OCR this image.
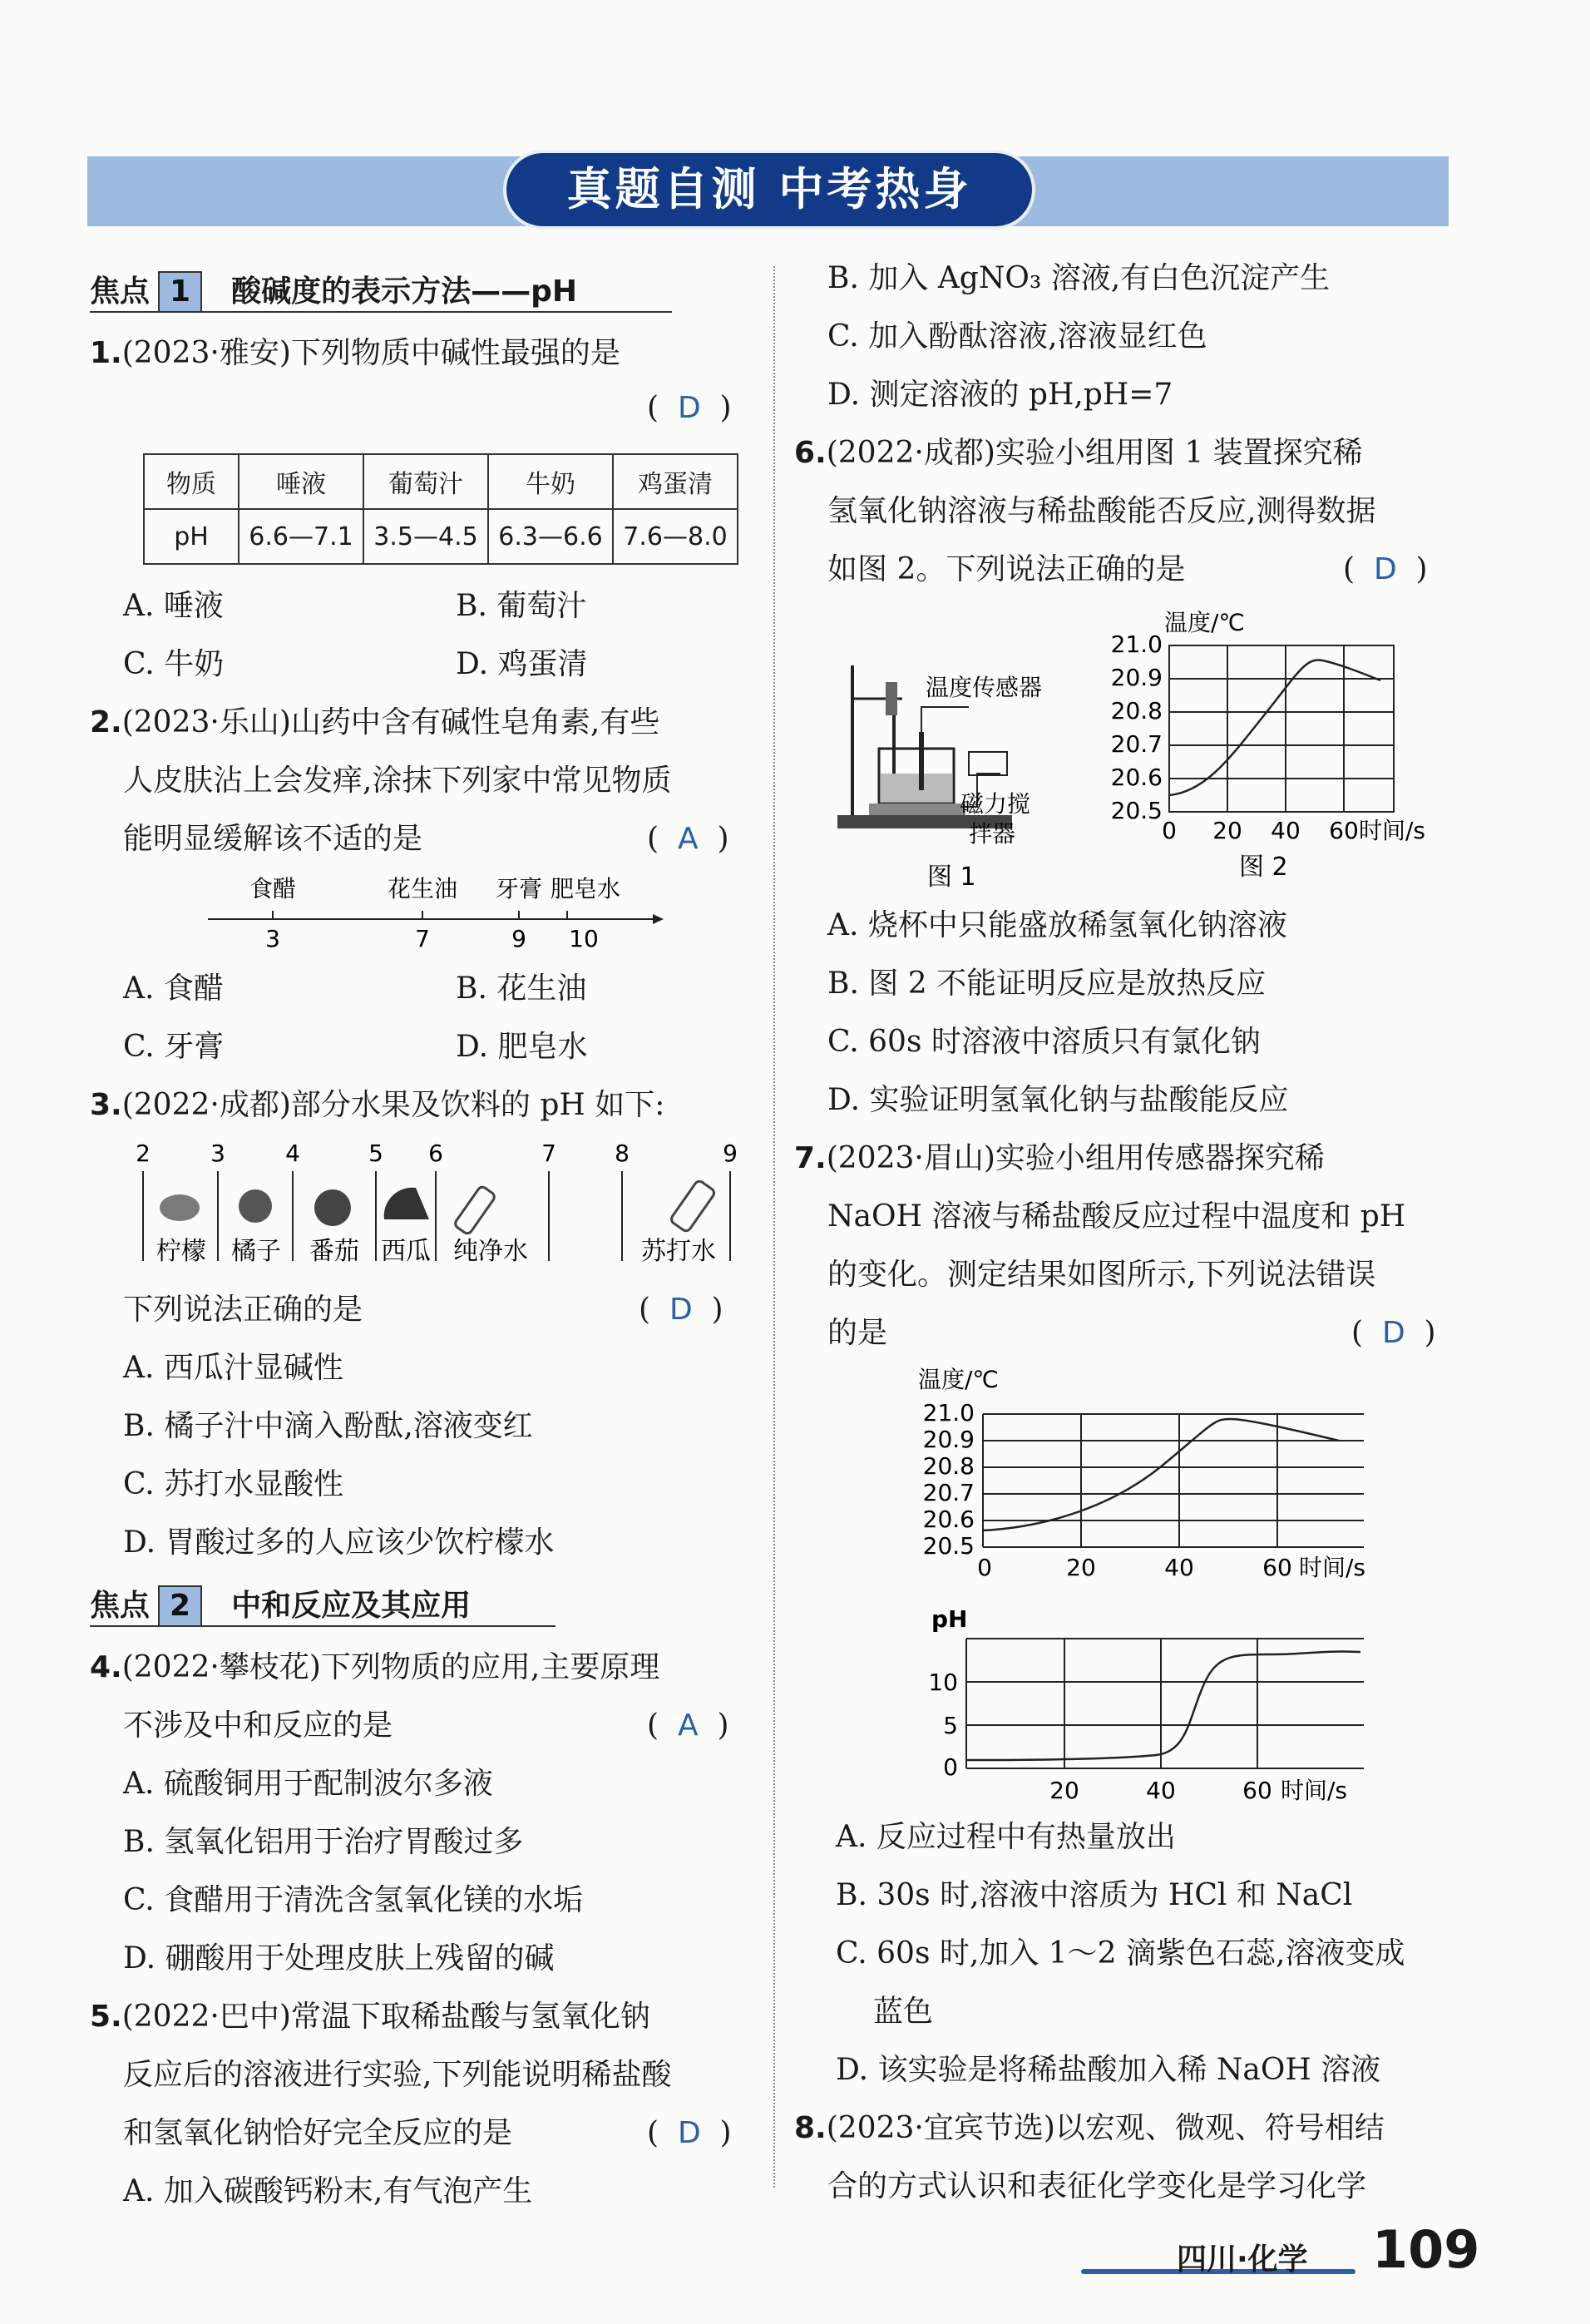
真题自测 中考热身
焦点 1 酸碱度的表示方法——pH
1.(2023·雅安)下列物质中碱性最强的是
(  D  )
物质	唾液	葡萄汁	牛奶	鸡蛋清
pH	6.6—7.1	3.5—4.5	6.3—6.6	7.6—8.0
A. 唾液	B. 葡萄汁
C. 牛奶	D. 鸡蛋清
2.(2023·乐山)山药中含有碱性皂角素,有些
人皮肤沾上会发痒,涂抹下列家中常见物质
能明显缓解该不适的是	(  A  )
食醋	花生油 牙膏 肥皂水
3	7	9 10
A. 食醋	B. 花生油
C. 牙膏	D. 肥皂水
3.(2022·成都)部分水果及饮料的 pH 如下:
2	3	4	5 6	7	8	9
柠檬 橘子 番茄 西瓜 纯净水	苏打水
下列说法正确的是	(  D  )
A. 西瓜汁显碱性
B. 橘子汁中滴入酚酞,溶液变红
C. 苏打水显酸性
D. 胃酸过多的人应该少饮柠檬水
焦点 2 中和反应及其应用
4.(2022·攀枝花)下列物质的应用,主要原理
不涉及中和反应的是	(  A  )
A. 硫酸铜用于配制波尔多液
B. 氢氧化铝用于治疗胃酸过多
C. 食醋用于清洗含氢氧化镁的水垢
D. 硼酸用于处理皮肤上残留的碱
5.(2022·巴中)常温下取稀盐酸与氢氧化钠
反应后的溶液进行实验,下列能说明稀盐酸
和氢氧化钠恰好完全反应的是	(  D  )
A. 加入碳酸钙粉末,有气泡产生
B. 加入 AgNO₃ 溶液,有白色沉淀产生
C. 加入酚酞溶液,溶液显红色
D. 测定溶液的 pH,pH=7
6.(2022·成都)实验小组用图 1 装置探究稀
氢氧化钠溶液与稀盐酸能否反应,测得数据
如图 2。下列说法正确的是	(  D  )
温度传感器
磁力搅
拌器
图 1
温度/℃
21.0
20.9
20.8
20.7
20.6
20.5
0 20 40 60 时间/s
图 2
A. 烧杯中只能盛放稀氢氧化钠溶液
B. 图 2 不能证明反应是放热反应
C. 60s 时溶液中溶质只有氯化钠
D. 实验证明氢氧化钠与盐酸能反应
7.(2023·眉山)实验小组用传感器探究稀
NaOH 溶液与稀盐酸反应过程中温度和 pH
的变化。测定结果如图所示,下列说法错误
的是	(  D  )
温度/℃
21.0
20.9
20.8
20.7
20.6
20.5
0	20	40	60 时间/s
pH
10
5
0
20	40	60 时间/s
A. 反应过程中有热量放出
B. 30s 时,溶液中溶质为 HCl 和 NaCl
C. 60s 时,加入 1～2 滴紫色石蕊,溶液变成
蓝色
D. 该实验是将稀盐酸加入稀 NaOH 溶液
8.(2023·宜宾节选)以宏观、微观、符号相结
合的方式认识和表征化学变化是学习化学
四川·化学 109
